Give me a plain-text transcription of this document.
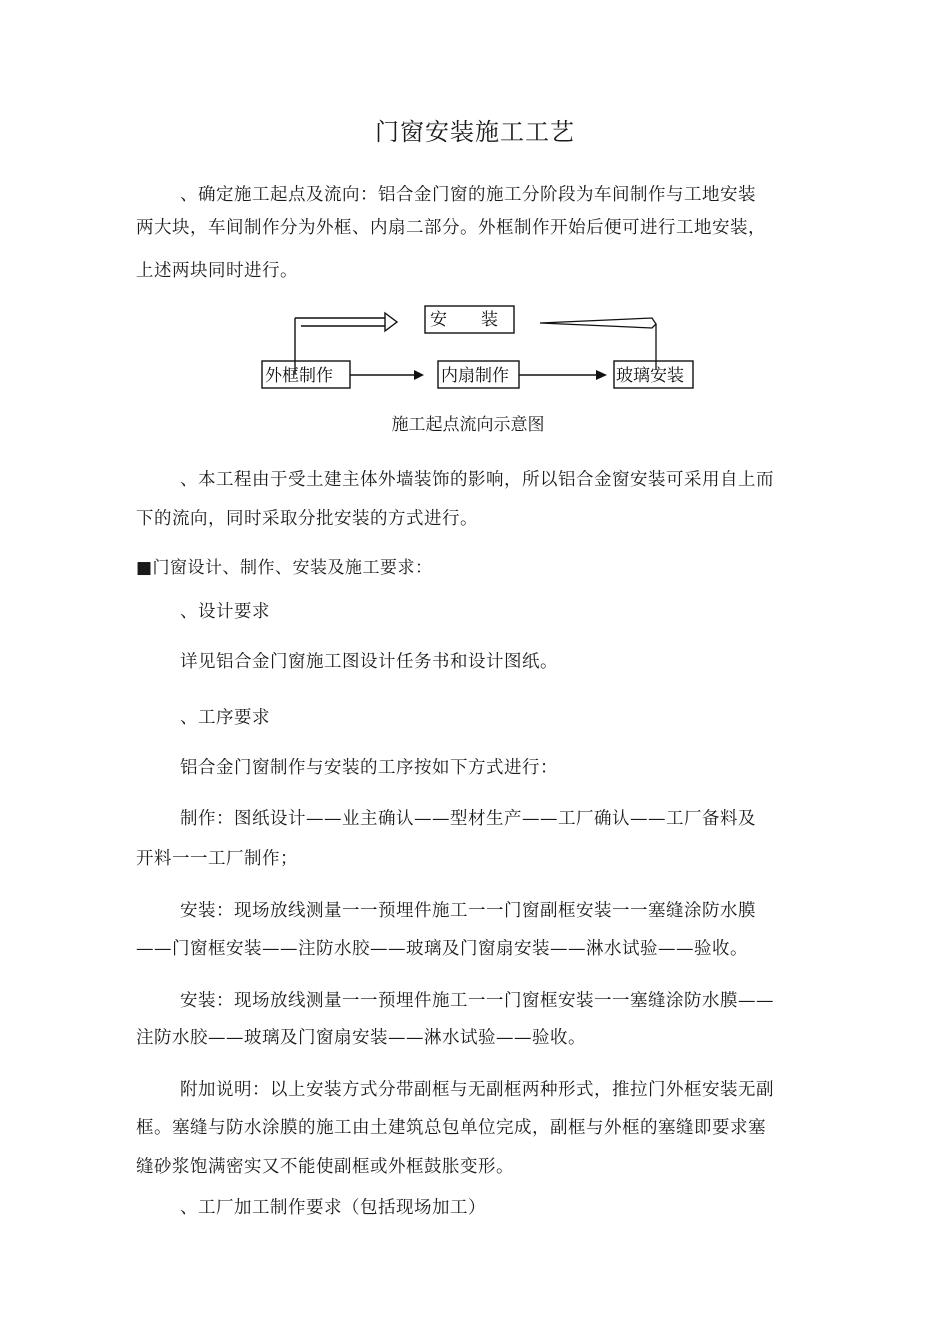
门窗安装施工工艺
、确定施工起点及流向：铝合金门窗的施工分阶段为车间制作与工地安装
两大块，车间制作分为外框、内扇二部分。外框制作开始后便可进行工地安装，
上述两块同时进行。
安　　装
外框制作	内扇制作	玻璃安装
施工起点流向示意图
、本工程由于受土建主体外墙装饰的影响，所以铝合金窗安装可采用自上而
下的流向，同时采取分批安装的方式进行。
■门窗设计、制作、安装及施工要求：
、设计要求
详见铝合金门窗施工图设计任务书和设计图纸。
、工序要求
铝合金门窗制作与安装的工序按如下方式进行：
制作：图纸设计——业主确认——型材生产——工厂确认——工厂备料及
开料一一工厂制作；
安装：现场放线测量一一预埋件施工一一门窗副框安装一一塞缝涂防水膜
——门窗框安装——注防水胶——玻璃及门窗扇安装——淋水试验——验收。
安装：现场放线测量一一预埋件施工一一门窗框安装一一塞缝涂防水膜——
注防水胶——玻璃及门窗扇安装——淋水试验——验收。
附加说明：以上安装方式分带副框与无副框两种形式，推拉门外框安装无副
框。塞缝与防水涂膜的施工由土建筑总包单位完成，副框与外框的塞缝即要求塞
缝砂浆饱满密实又不能使副框或外框鼓胀变形。
、工厂加工制作要求（包括现场加工）
